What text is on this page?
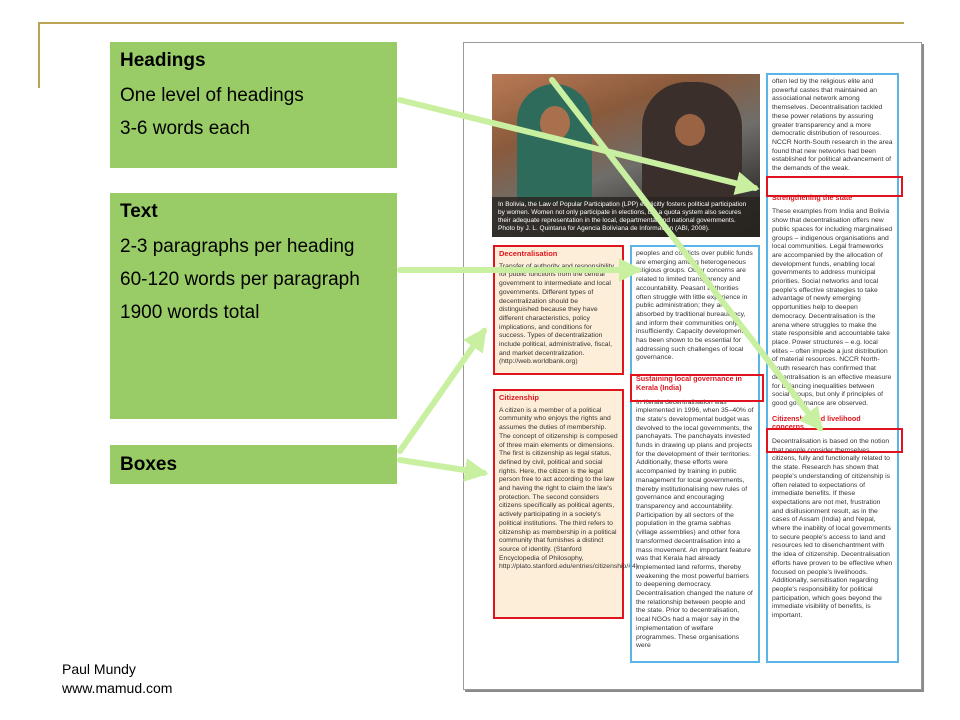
Headings
One level of headings
3-6 words each
Text
2-3 paragraphs per heading
60-120 words per paragraph
1900 words total
Boxes
In Bolivia, the Law of Popular Participation (LPP) explicitly fosters political participation by women. Women not only participate in elections, but a quota system also secures their adequate representation in the local, departmental and national governments. Photo by J. L. Quintana for Agencia Boliviana de Información (ABI, 2008).
Decentralisation
Transfer of authority and responsibility for public functions from the central government to intermediate and local governments. Different types of decentralization should be distinguished because they have different characteristics, policy implications, and conditions for success. Types of decentralization include political, administrative, fiscal, and market decentralization. (http://web.worldbank.org)
Citizenship
A citizen is a member of a political community who enjoys the rights and assumes the duties of membership. The concept of citizenship is composed of three main elements or dimensions. The first is citizenship as legal status, defined by civil, political and social rights. Here, the citizen is the legal person free to act according to the law and having the right to claim the law's protection. The second considers citizens specifically as political agents, actively participating in a society's political institutions. The third refers to citizenship as membership in a political community that furnishes a distinct source of identity. (Stanford Encyclopedia of Philosophy, http://plato.stanford.edu/entries/citizenship/#4)

peoples and conflicts over public funds are emerging among heterogeneous religious groups. Other concerns are related to limited transparency and accountability. Peasant authorities often struggle with little experience in public administration; they are absorbed by traditional bureaucracy, and inform their communities only insufficiently. Capacity development has been shown to be essential for addressing such challenges of local governance.

Sustaining local governance in Kerala (India)

In Kerala decentralisation was implemented in 1996, when 35–40% of the state's developmental budget was devolved to the local governments, the panchayats. The panchayats invested funds in drawing up plans and projects for the development of their territories. Additionally, these efforts were accompanied by training in public management for local governments, thereby institutionalising new rules of governance and encouraging transparency and accountability. Participation by all sectors of the population in the grama sabhas (village assemblies) and other fora transformed decentralisation into a mass movement. An important feature was that Kerala had already implemented land reforms, thereby weakening the most powerful barriers to deepening democracy. Decentralisation changed the nature of the relationship between people and the state. Prior to decentralisation, local NGOs had a major say in the implementation of welfare programmes. These organisations were

often led by the religious elite and powerful castes that maintained an associational network among themselves. Decentralisation tackled these power relations by assuring greater transparency and a more democratic distribution of resources. NCCR North-South research in the area found that new networks had been established for political advancement of the demands of the weak.

Strengthening the state

These examples from India and Bolivia show that decentralisation offers new public spaces for including marginalised groups – indigenous organisations and local communities. Legal frameworks are accompanied by the allocation of development funds, enabling local governments to address municipal priorities. Social networks and local people's effective strategies to take advantage of newly emerging opportunities help to deepen democracy. Decentralisation is the arena where struggles to make the state responsible and accountable take place. Power structures – e.g. local elites – often impede a just distribution of material resources. NCCR North-South research has confirmed that decentralisation is an effective measure for balancing inequalities between social groups, but only if principles of good governance are observed.

Citizenship and livelihood concerns

Decentralisation is based on the notion that people consider themselves citizens, fully and functionally related to the state. Research has shown that people's understanding of citizenship is often related to expectations of immediate benefits. If these expectations are not met, frustration and disillusionment result, as in the cases of Assam (India) and Nepal, where the inability of local governments to secure people's access to land and resources led to disenchantment with the idea of citizenship. Decentralisation efforts have proven to be effective when focused on people's livelihoods. Additionally, sensitisation regarding people's responsibility for political participation, which goes beyond the immediate visibility of benefits, is important.

Paul Mundy
www.mamud.com
